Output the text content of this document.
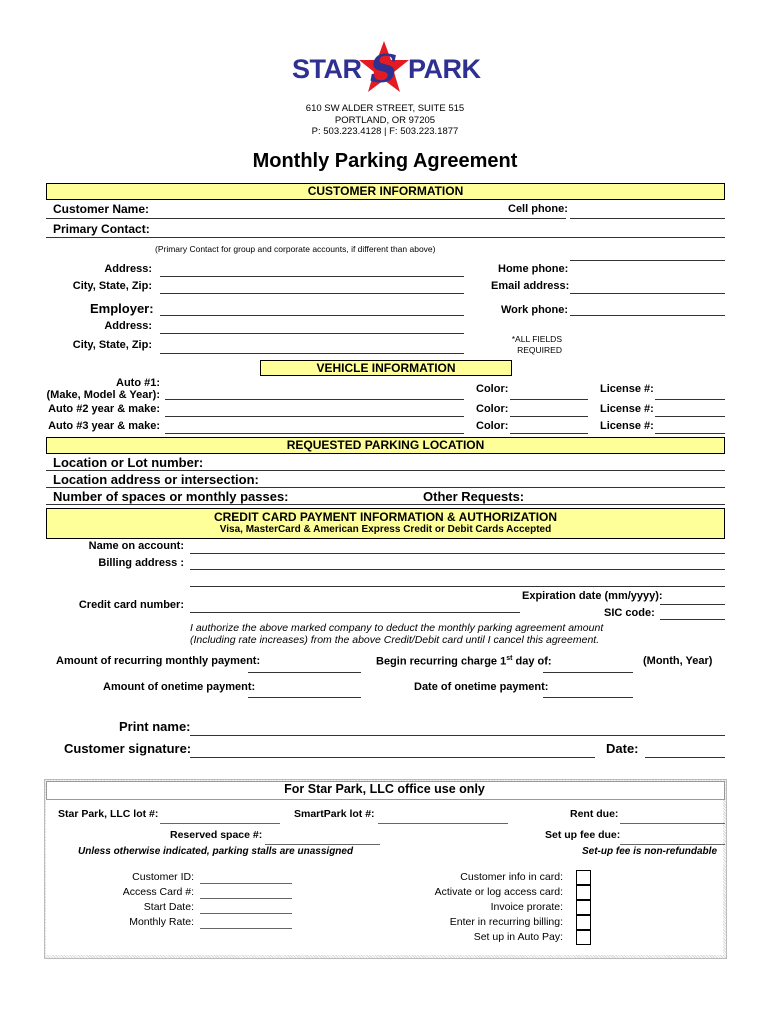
STAR S PARK
610 SW ALDER STREET, SUITE 515
PORTLAND, OR 97205
P: 503.223.4128 | F: 503.223.1877
Monthly Parking Agreement
CUSTOMER INFORMATION
Customer Name:	Cell phone:
Primary Contact:
(Primary Contact for group and corporate accounts, if different than above)
Address:	Home phone:
City, State, Zip:	Email address:
Employer:	Work phone:
Address:
*ALL FIELDS
REQUIRED
City, State, Zip:
VEHICLE INFORMATION
Auto #1:
(Make, Model & Year):	Color:	License #:
Auto #2 year & make:	Color:	License #:
Auto #3 year & make:	Color:	License #:
REQUESTED PARKING LOCATION
Location or Lot number:
Location address or intersection:
Number of spaces or monthly passes:	Other Requests:
CREDIT CARD PAYMENT INFORMATION & AUTHORIZATION
Visa, MasterCard & American Express Credit or Debit Cards Accepted
Name on account:
Billing address :
Expiration date (mm/yyyy):
Credit card number:
SIC code:
I authorize the above marked company to deduct the monthly parking agreement amount
(Including rate increases) from the above Credit/Debit card until I cancel this agreement.
Amount of recurring monthly payment:	Begin recurring charge 1st day of:	(Month, Year)
Amount of onetime payment:	Date of onetime payment:
Print name:
Customer signature:	Date:
For Star Park, LLC office use only
Star Park, LLC lot #:	SmartPark lot #:	Rent due:
Reserved space #:	Set up fee due:
Unless otherwise indicated, parking stalls are unassigned	Set-up fee is non-refundable
Customer ID:
Access Card #:
Start Date:
Monthly Rate:
Customer info in card:
Activate or log access card:
Invoice prorate:
Enter in recurring billing:
Set up in Auto Pay:
